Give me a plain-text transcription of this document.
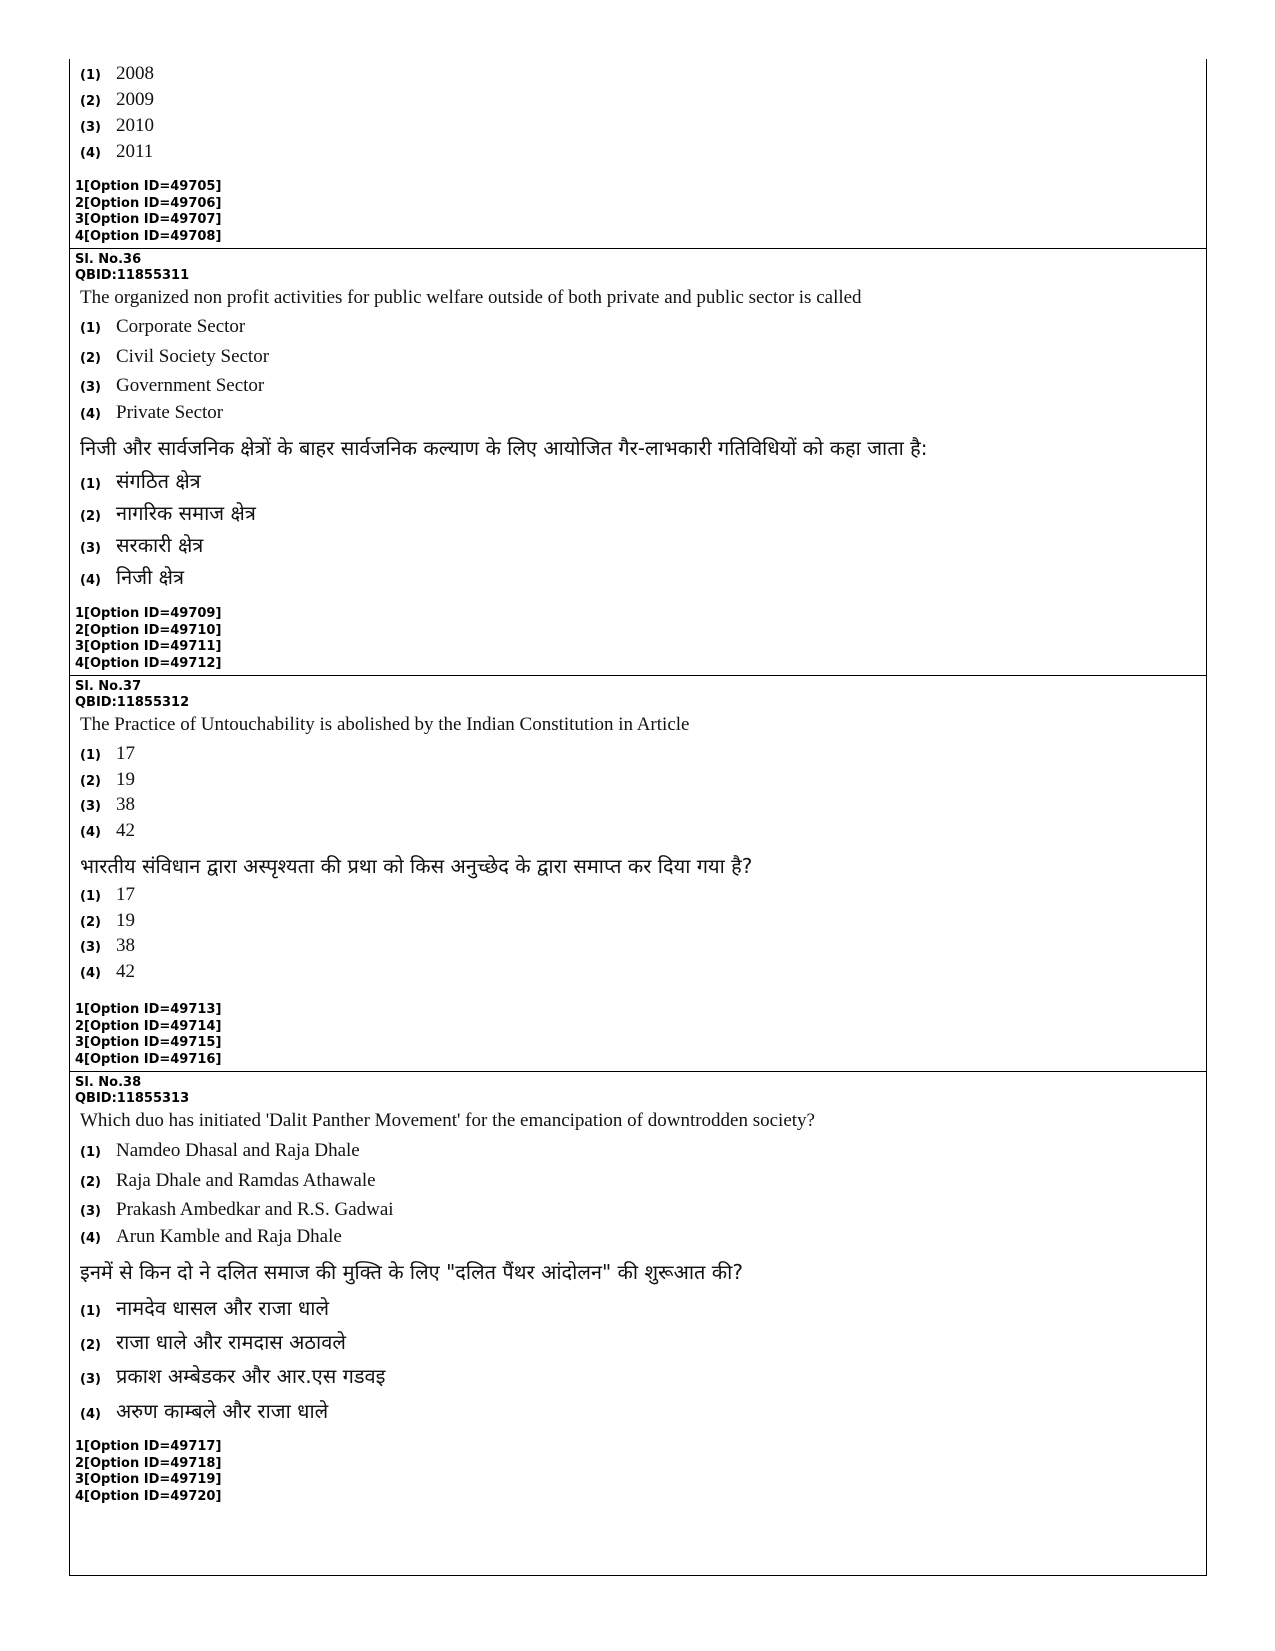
(1) 2008
(2) 2009
(3) 2010
(4) 2011
1[Option ID=49705]
2[Option ID=49706]
3[Option ID=49707]
4[Option ID=49708]
Sl. No.36
QBID:11855311
The organized non profit activities for public welfare outside of both private and public sector is called
(1) Corporate Sector
(2) Civil Society Sector
(3) Government Sector
(4) Private Sector
निजी और सार्वजनिक क्षेत्रों के बाहर सार्वजनिक कल्याण के लिए आयोजित गैर-लाभकारी गतिविधियों को कहा जाता है:
(1) संगठित क्षेत्र
(2) नागरिक समाज क्षेत्र
(3) सरकारी क्षेत्र
(4) निजी क्षेत्र
1[Option ID=49709]
2[Option ID=49710]
3[Option ID=49711]
4[Option ID=49712]
Sl. No.37
QBID:11855312
The Practice of Untouchability is abolished by the Indian Constitution in Article
(1) 17
(2) 19
(3) 38
(4) 42
भारतीय संविधान द्वारा अस्पृश्यता की प्रथा को किस अनुच्छेद के द्वारा समाप्त कर दिया गया है?
(1) 17
(2) 19
(3) 38
(4) 42
1[Option ID=49713]
2[Option ID=49714]
3[Option ID=49715]
4[Option ID=49716]
Sl. No.38
QBID:11855313
Which duo has initiated 'Dalit Panther Movement' for the emancipation of downtrodden society?
(1) Namdeo Dhasal and Raja Dhale
(2) Raja Dhale and Ramdas Athawale
(3) Prakash Ambedkar and R.S. Gadwai
(4) Arun Kamble and Raja Dhale
इनमें से किन दो ने दलित समाज की मुक्ति के लिए "दलित पैंथर आंदोलन" की शुरूआत की?
(1) नामदेव धासल और राजा धाले
(2) राजा धाले और रामदास अठावले
(3) प्रकाश अम्बेडकर और आर.एस गडवइ
(4) अरुण काम्बले और राजा धाले
1[Option ID=49717]
2[Option ID=49718]
3[Option ID=49719]
4[Option ID=49720]
